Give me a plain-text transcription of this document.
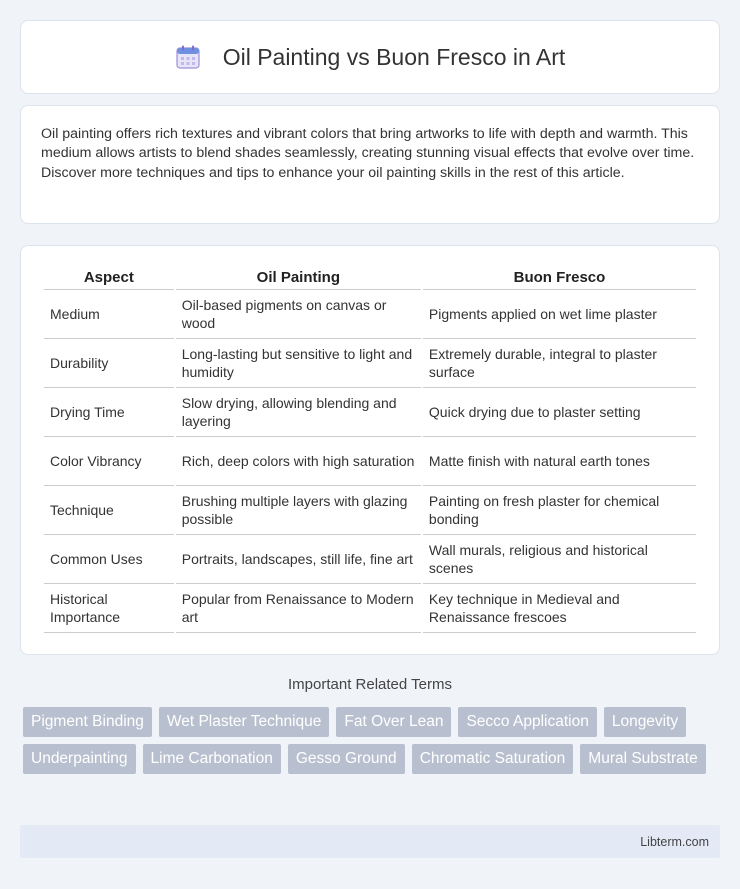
Oil Painting vs Buon Fresco in Art

Oil painting offers rich textures and vibrant colors that bring artworks to life with depth and warmth. This medium allows artists to blend shades seamlessly, creating stunning visual effects that evolve over time. Discover more techniques and tips to enhance your oil painting skills in the rest of this article.

Aspect	Oil Painting	Buon Fresco
Medium	Oil-based pigments on canvas or wood	Pigments applied on wet lime plaster
Durability	Long-lasting but sensitive to light and humidity	Extremely durable, integral to plaster surface
Drying Time	Slow drying, allowing blending and layering	Quick drying due to plaster setting
Color Vibrancy	Rich, deep colors with high saturation	Matte finish with natural earth tones
Technique	Brushing multiple layers with glazing possible	Painting on fresh plaster for chemical bonding
Common Uses	Portraits, landscapes, still life, fine art	Wall murals, religious and historical scenes
Historical Importance	Popular from Renaissance to Modern art	Key technique in Medieval and Renaissance frescoes
Important Related Terms
Pigment Binding	Wet Plaster Technique	Fat Over Lean	Secco Application	Longevity
Underpainting	Lime Carbonation	Gesso Ground	Chromatic Saturation	Mural Substrate
Libterm.com
